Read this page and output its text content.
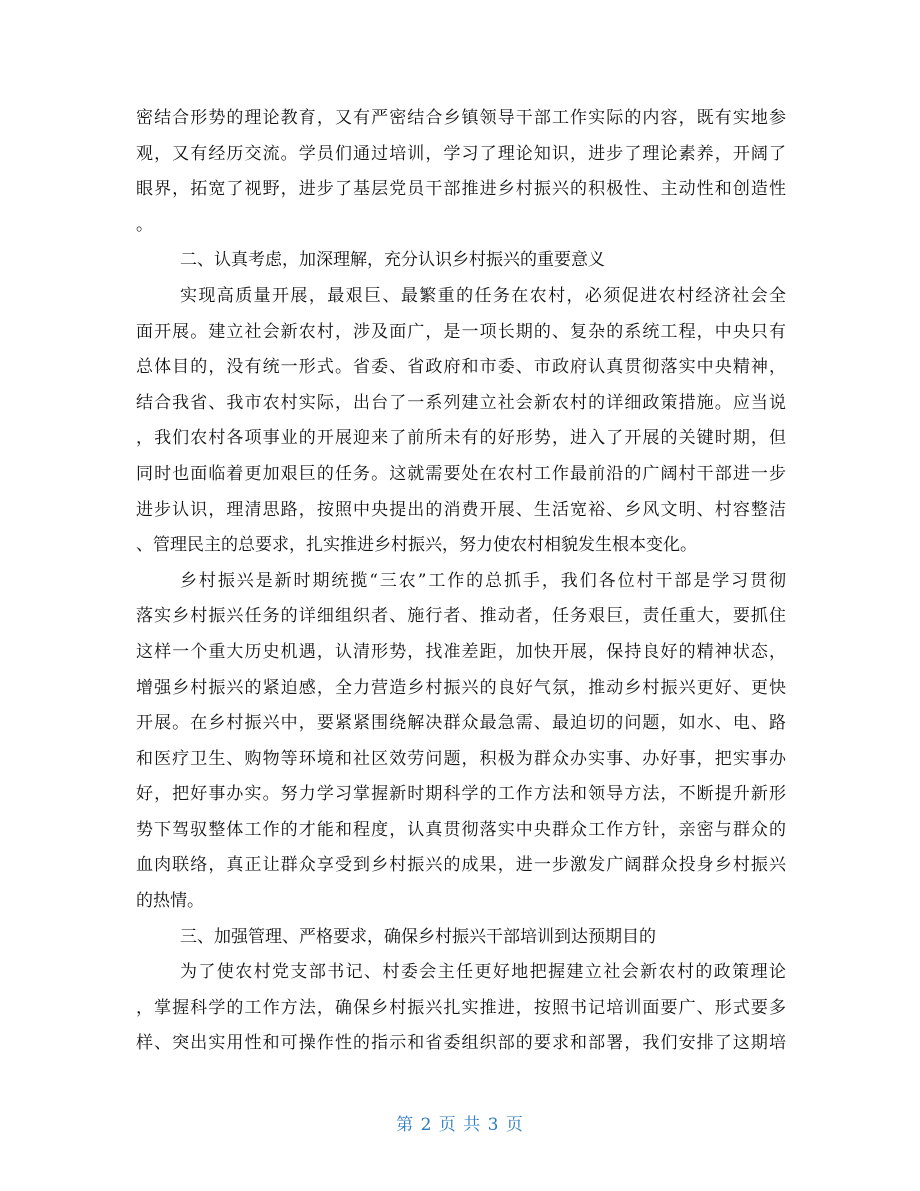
密结合形势的理论教育，又有严密结合乡镇领导干部工作实际的内容，既有实地参
观，又有经历交流。学员们通过培训，学习了理论知识，进步了理论素养，开阔了
眼界，拓宽了视野，进步了基层党员干部推进乡村振兴的积极性、主动性和创造性
。
二、认真考虑，加深理解，充分认识乡村振兴的重要意义
实现高质量开展，最艰巨、最繁重的任务在农村，必须促进农村经济社会全
面开展。建立社会新农村，涉及面广，是一项长期的、复杂的系统工程，中央只有
总体目的，没有统一形式。省委、省政府和市委、市政府认真贯彻落实中央精神，
结合我省、我市农村实际，出台了一系列建立社会新农村的详细政策措施。应当说
，我们农村各项事业的开展迎来了前所未有的好形势，进入了开展的关键时期，但
同时也面临着更加艰巨的任务。这就需要处在农村工作最前沿的广阔村干部进一步
进步认识，理清思路，按照中央提出的消费开展、生活宽裕、乡风文明、村容整洁
、管理民主的总要求，扎实推进乡村振兴，努力使农村相貌发生根本变化。
乡村振兴是新时期统揽“三农”工作的总抓手，我们各位村干部是学习贯彻
落实乡村振兴任务的详细组织者、施行者、推动者，任务艰巨，责任重大，要抓住
这样一个重大历史机遇，认清形势，找准差距，加快开展，保持良好的精神状态，
增强乡村振兴的紧迫感，全力营造乡村振兴的良好气氛，推动乡村振兴更好、更快
开展。在乡村振兴中，要紧紧围绕解决群众最急需、最迫切的问题，如水、电、路
和医疗卫生、购物等环境和社区效劳问题，积极为群众办实事、办好事，把实事办
好，把好事办实。努力学习掌握新时期科学的工作方法和领导方法，不断提升新形
势下驾驭整体工作的才能和程度，认真贯彻落实中央群众工作方针，亲密与群众的
血肉联络，真正让群众享受到乡村振兴的成果，进一步激发广阔群众投身乡村振兴
的热情。
三、加强管理、严格要求，确保乡村振兴干部培训到达预期目的
为了使农村党支部书记、村委会主任更好地把握建立社会新农村的政策理论
，掌握科学的工作方法，确保乡村振兴扎实推进，按照书记培训面要广、形式要多
样、突出实用性和可操作性的指示和省委组织部的要求和部署，我们安排了这期培
第 2 页 共 3 页
